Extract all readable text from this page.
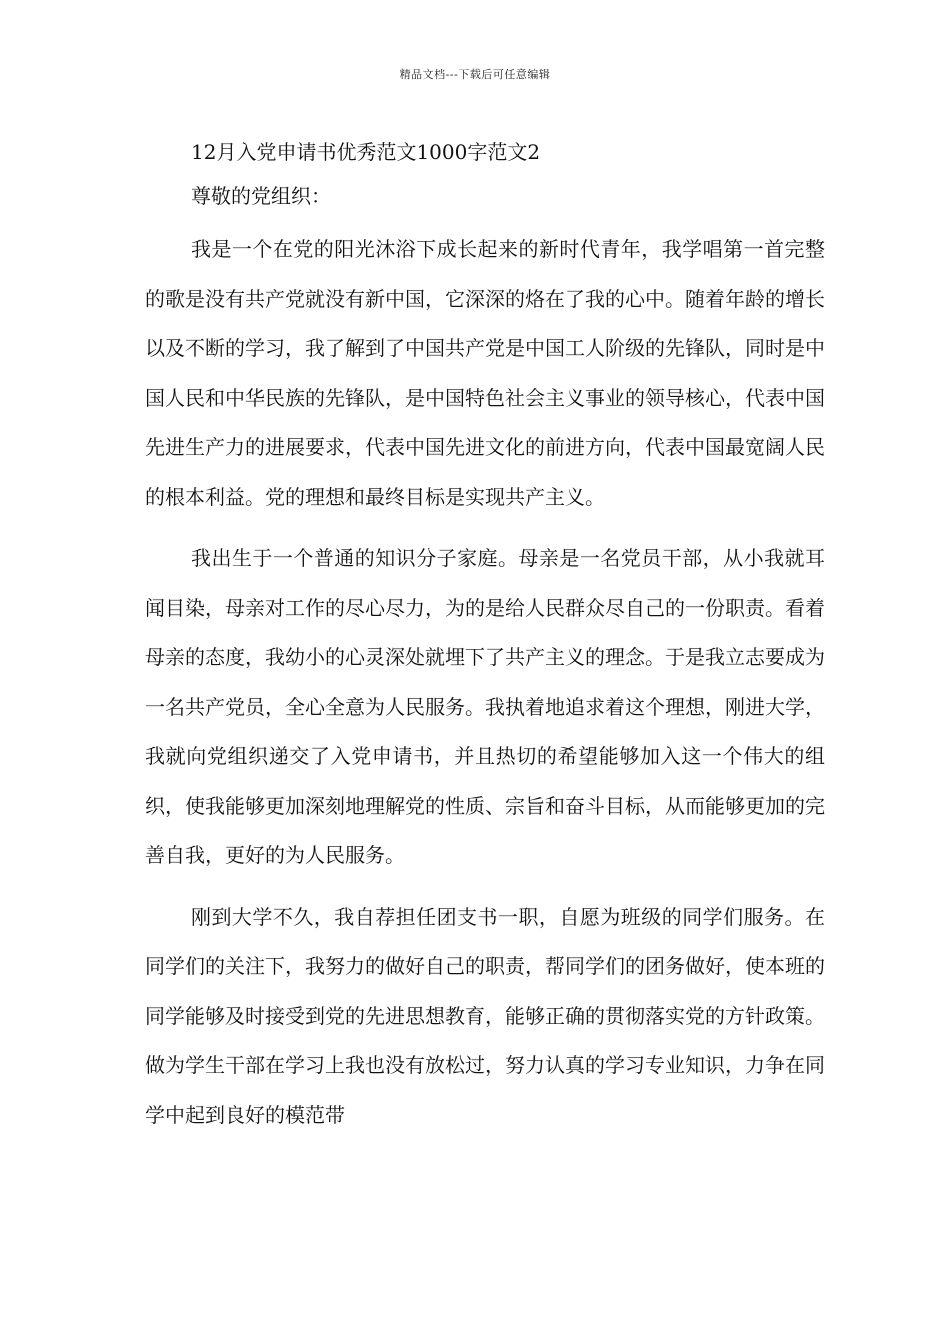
精品文档---下载后可任意编辑
12月入党申请书优秀范文1000字范文2

尊敬的党组织：

我是一个在党的阳光沐浴下成长起来的新时代青年，我学唱第一首完整的歌是没有共产党就没有新中国，它深深的烙在了我的心中。随着年龄的增长以及不断的学习，我了解到了中国共产党是中国工人阶级的先锋队，同时是中国人民和中华民族的先锋队，是中国特色社会主义事业的领导核心，代表中国先进生产力的进展要求，代表中国先进文化的前进方向，代表中国最宽阔人民的根本利益。党的理想和最终目标是实现共产主义。

我出生于一个普通的知识分子家庭。母亲是一名党员干部，从小我就耳闻目染，母亲对工作的尽心尽力，为的是给人民群众尽自己的一份职责。看着母亲的态度，我幼小的心灵深处就埋下了共产主义的理念。于是我立志要成为一名共产党员，全心全意为人民服务。我执着地追求着这个理想，刚进大学，我就向党组织递交了入党申请书，并且热切的希望能够加入这一个伟大的组织，使我能够更加深刻地理解党的性质、宗旨和奋斗目标，从而能够更加的完善自我，更好的为人民服务。

刚到大学不久，我自荐担任团支书一职，自愿为班级的同学们服务。在同学们的关注下，我努力的做好自己的职责，帮同学们的团务做好，使本班的同学能够及时接受到党的先进思想教育，能够正确的贯彻落实党的方针政策。做为学生干部在学习上我也没有放松过，努力认真的学习专业知识，力争在同学中起到良好的模范带
